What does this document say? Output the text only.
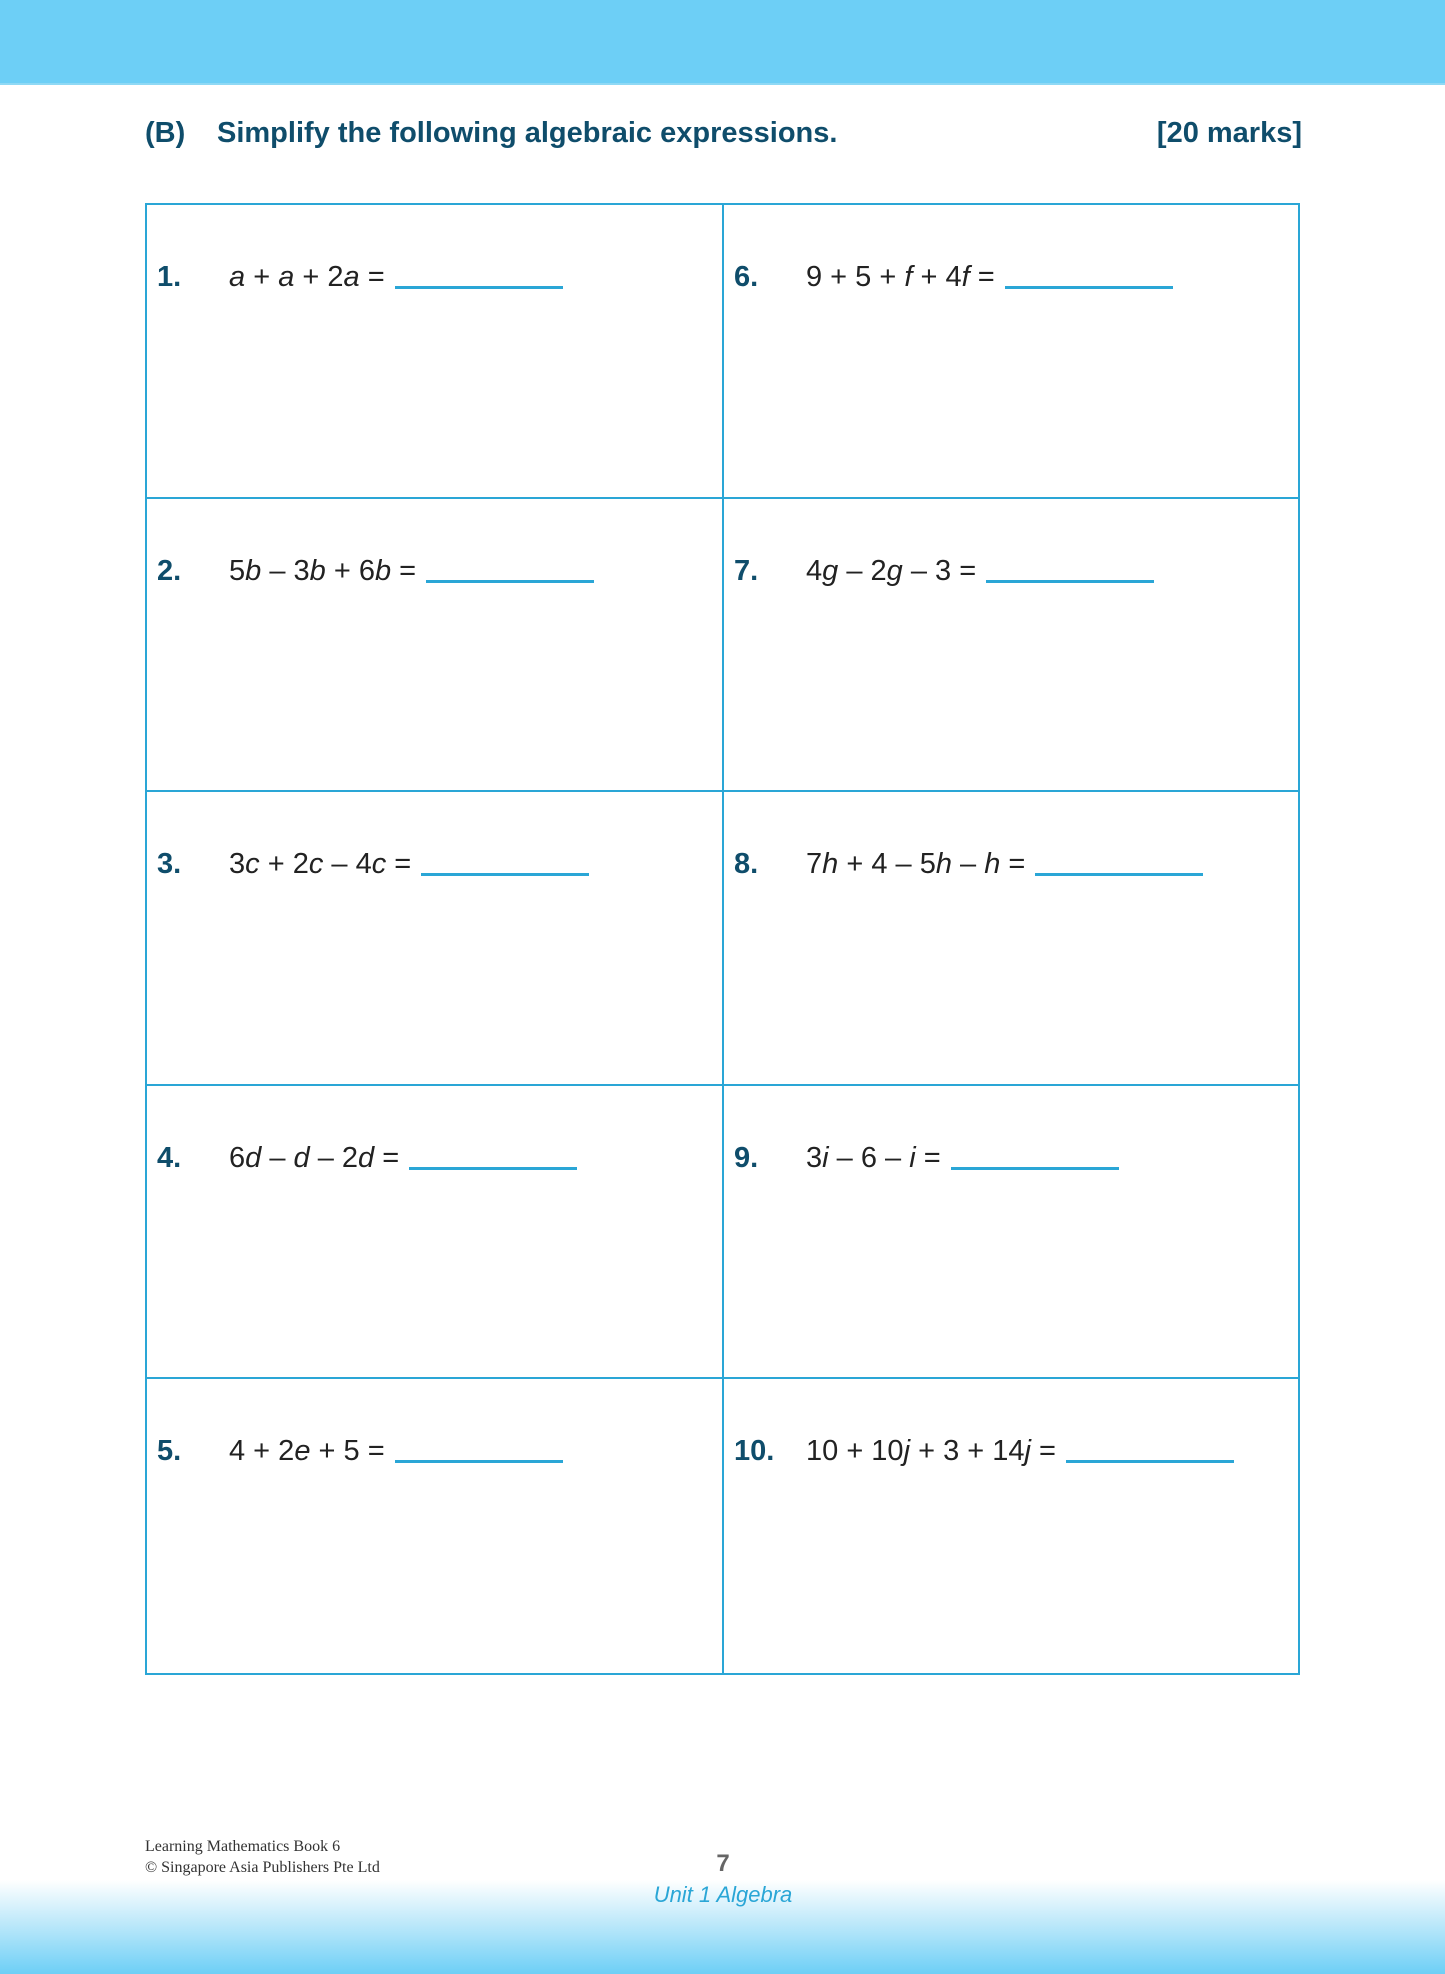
(B)	Simplify the following algebraic expressions.	[20 marks]
1.	a + a + 2a =
2.	5b – 3b + 6b =
3.	3c + 2c – 4c =
4.	6d – d – 2d =
5.	4 + 2e + 5 =
6.	9 + 5 + f + 4f =
7.	4g – 2g – 3 =
8.	7h + 4 – 5h – h =
9.	3i – 6 – i =
10.	10 + 10j + 3 + 14j =
Learning Mathematics Book 6
© Singapore Asia Publishers Pte Ltd	7
Unit 1 Algebra
